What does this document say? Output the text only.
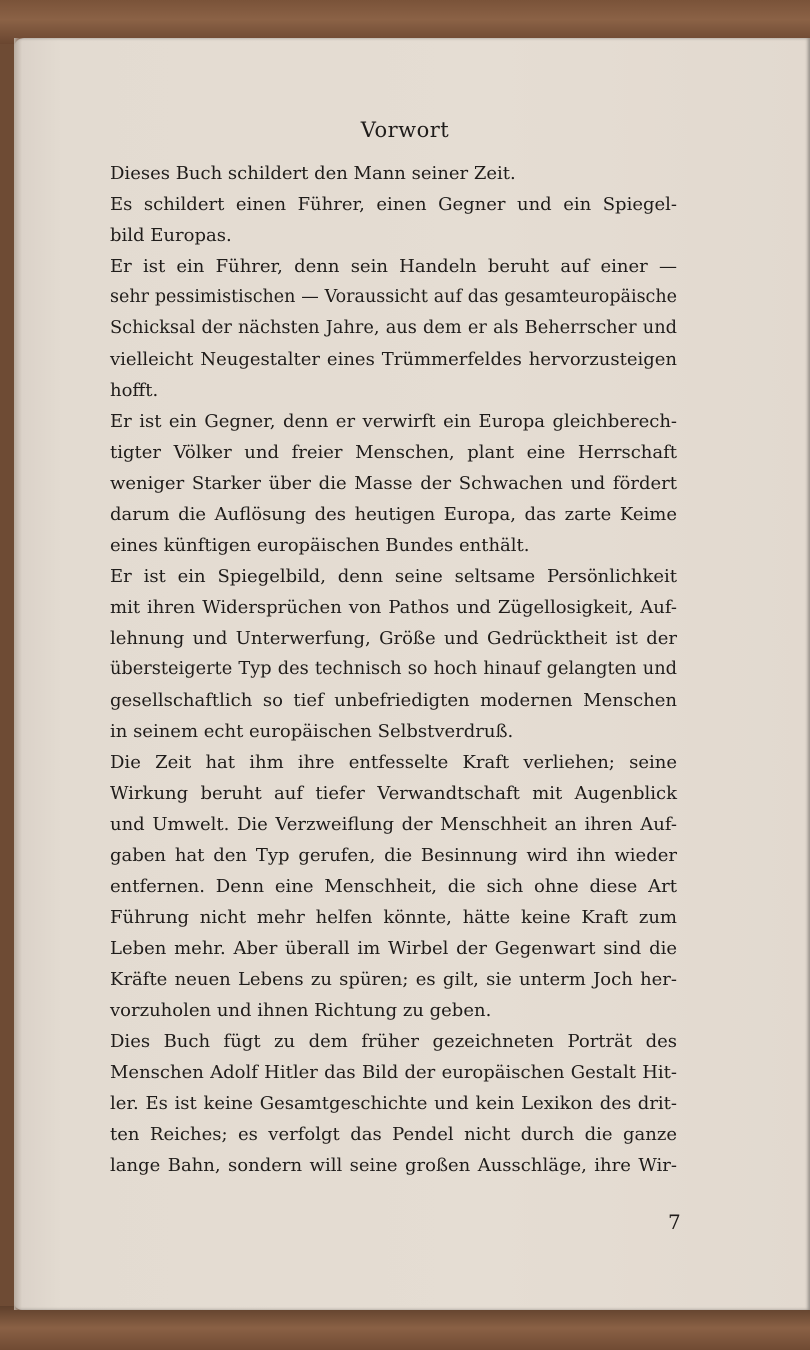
Vorwort

Dieses Buch schildert den Mann seiner Zeit.

Es schildert einen Führer, einen Gegner und ein Spiegel-
bild Europas.

Er ist ein Führer, denn sein Handeln beruht auf einer —
sehr pessimistischen — Voraussicht auf das gesamteuropäische
Schicksal der nächsten Jahre, aus dem er als Beherrscher und
vielleicht Neugestalter eines Trümmerfeldes hervorzusteigen
hofft.

Er ist ein Gegner, denn er verwirft ein Europa gleichberech-
tigter Völker und freier Menschen, plant eine Herrschaft
weniger Starker über die Masse der Schwachen und fördert
darum die Auflösung des heutigen Europa, das zarte Keime
eines künftigen europäischen Bundes enthält.

Er ist ein Spiegelbild, denn seine seltsame Persönlichkeit
mit ihren Widersprüchen von Pathos und Zügellosigkeit, Auf-
lehnung und Unterwerfung, Größe und Gedrücktheit ist der
übersteigerte Typ des technisch so hoch hinauf gelangten und
gesellschaftlich so tief unbefriedigten modernen Menschen
in seinem echt europäischen Selbstverdruß.

Die Zeit hat ihm ihre entfesselte Kraft verliehen; seine
Wirkung beruht auf tiefer Verwandtschaft mit Augenblick
und Umwelt. Die Verzweiflung der Menschheit an ihren Auf-
gaben hat den Typ gerufen, die Besinnung wird ihn wieder
entfernen. Denn eine Menschheit, die sich ohne diese Art
Führung nicht mehr helfen könnte, hätte keine Kraft zum
Leben mehr. Aber überall im Wirbel der Gegenwart sind die
Kräfte neuen Lebens zu spüren; es gilt, sie unterm Joch her-
vorzuholen und ihnen Richtung zu geben.

Dies Buch fügt zu dem früher gezeichneten Porträt des
Menschen Adolf Hitler das Bild der europäischen Gestalt Hit-
ler. Es ist keine Gesamtgeschichte und kein Lexikon des drit-
ten Reiches; es verfolgt das Pendel nicht durch die ganze
lange Bahn, sondern will seine großen Ausschläge, ihre Wir-

7
